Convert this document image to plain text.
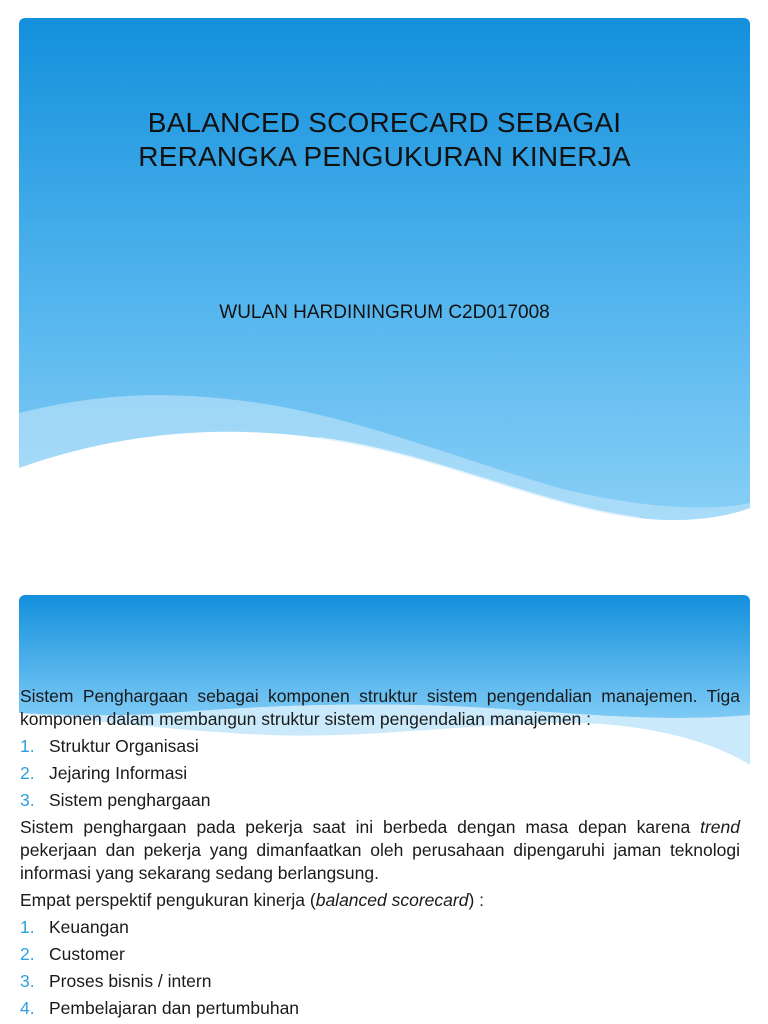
BALANCED SCORECARD SEBAGAI
RERANGKA PENGUKURAN KINERJA
WULAN HARDININGRUM C2D017008

Sistem Penghargaan sebagai komponen struktur sistem pengendalian manajemen. Tiga komponen dalam membangun struktur sistem pengendalian manajemen :

1. Struktur Organisasi
2. Jejaring Informasi
3. Sistem penghargaan

Sistem penghargaan pada pekerja saat ini berbeda dengan masa depan karena trend pekerjaan dan pekerja yang dimanfaatkan oleh perusahaan dipengaruhi jaman teknologi informasi yang sekarang sedang berlangsung.

Empat perspektif pengukuran kinerja (balanced scorecard) :

1. Keuangan
2. Customer
3. Proses bisnis / intern
4. Pembelajaran dan pertumbuhan
